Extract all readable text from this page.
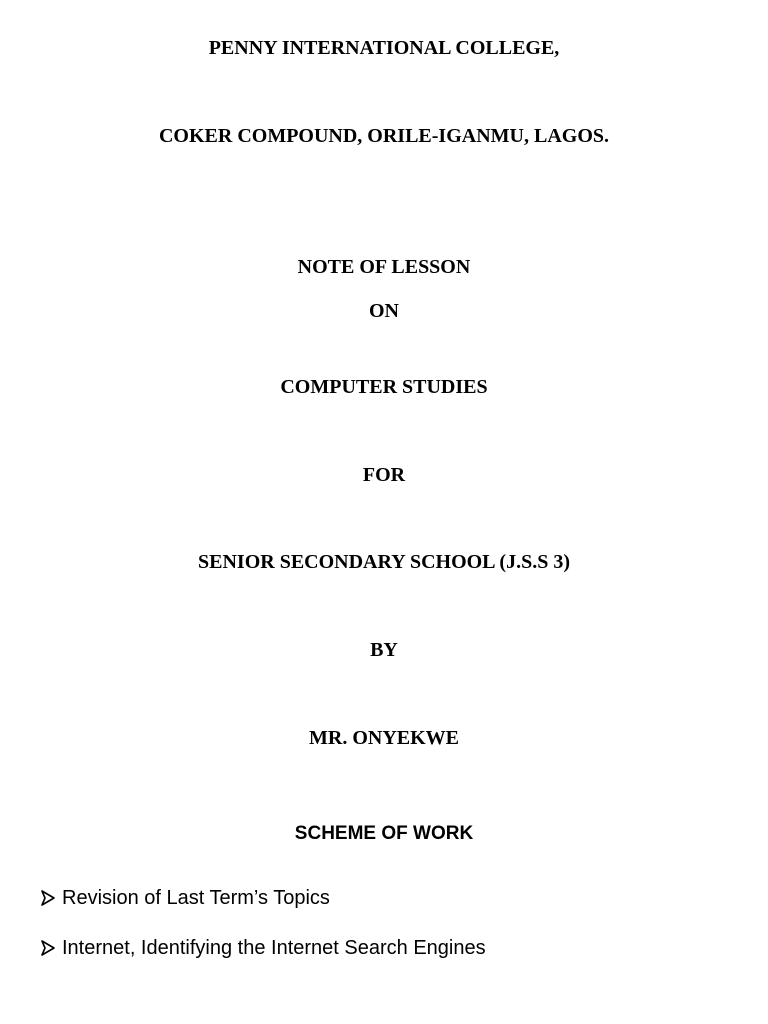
PENNY INTERNATIONAL COLLEGE,
COKER COMPOUND, ORILE-IGANMU, LAGOS.
NOTE OF LESSON
ON
COMPUTER STUDIES
FOR
SENIOR SECONDARY SCHOOL (J.S.S 3)
BY
MR. ONYEKWE
SCHEME OF WORK
Revision of Last Term’s Topics
Internet, Identifying the Internet Search Engines
